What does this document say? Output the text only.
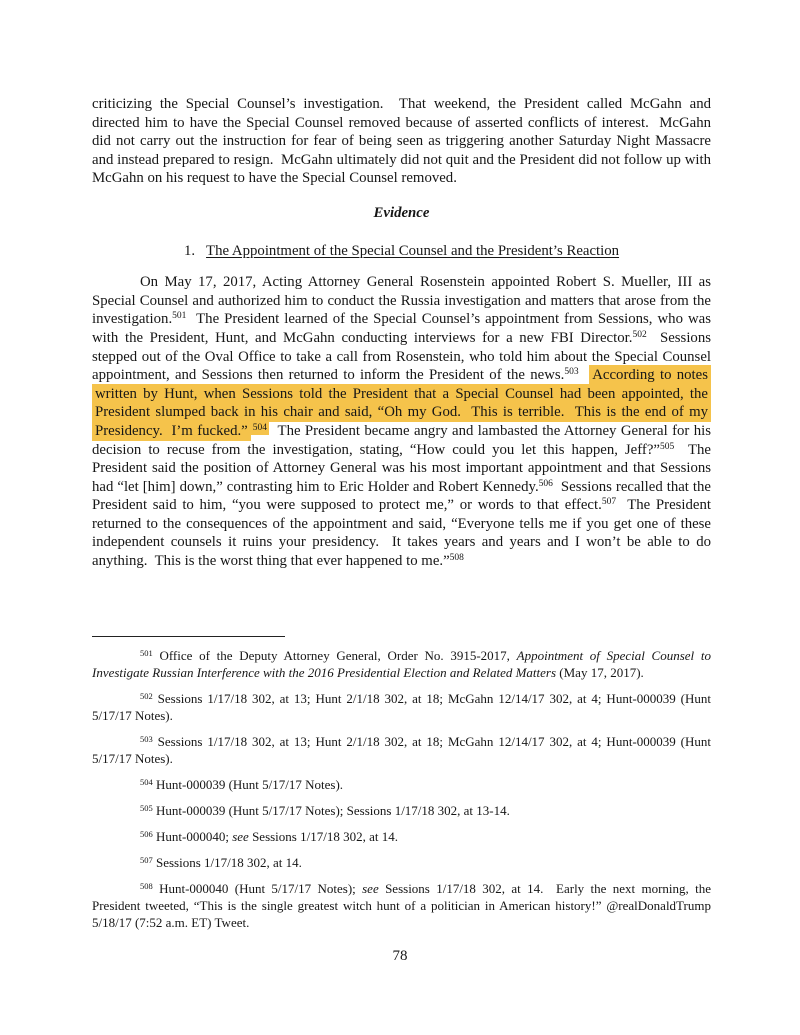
criticizing the Special Counsel’s investigation.  That weekend, the President called McGahn and directed him to have the Special Counsel removed because of asserted conflicts of interest.  McGahn did not carry out the instruction for fear of being seen as triggering another Saturday Night Massacre and instead prepared to resign.  McGahn ultimately did not quit and the President did not follow up with McGahn on his request to have the Special Counsel removed.

Evidence

1. The Appointment of the Special Counsel and the President’s Reaction

On May 17, 2017, Acting Attorney General Rosenstein appointed Robert S. Mueller, III as Special Counsel and authorized him to conduct the Russia investigation and matters that arose from the investigation.$^{501}$  The President learned of the Special Counsel’s appointment from Sessions, who was with the President, Hunt, and McGahn conducting interviews for a new FBI Director.$^{502}$  Sessions stepped out of the Oval Office to take a call from Rosenstein, who told him about the Special Counsel appointment, and Sessions then returned to inform the President of the news.$^{503}$ According to notes written by Hunt, when Sessions told the President that a Special Counsel had been appointed, the President slumped back in his chair and said, “Oh my God.  This is terrible.  This is the end of my Presidency.  I’m fucked.” $^{504}$  The President became angry and lambasted the Attorney General for his decision to recuse from the investigation, stating, “How could you let this happen, Jeff?”$^{505}$  The President said the position of Attorney General was his most important appointment and that Sessions had “let [him] down,” contrasting him to Eric Holder and Robert Kennedy.$^{506}$  Sessions recalled that the President said to him, “you were supposed to protect me,” or words to that effect.$^{507}$  The President returned to the consequences of the appointment and said, “Everyone tells me if you get one of these independent counsels it ruins your presidency.  It takes years and years and I won’t be able to do anything.  This is the worst thing that ever happened to me.”$^{508}$

$^{501}$ Office of the Deputy Attorney General, Order No. 3915-2017, Appointment of Special Counsel to Investigate Russian Interference with the 2016 Presidential Election and Related Matters (May 17, 2017).

$^{502}$ Sessions 1/17/18 302, at 13; Hunt 2/1/18 302, at 18; McGahn 12/14/17 302, at 4; Hunt-000039 (Hunt 5/17/17 Notes).

$^{503}$ Sessions 1/17/18 302, at 13; Hunt 2/1/18 302, at 18; McGahn 12/14/17 302, at 4; Hunt-000039 (Hunt 5/17/17 Notes).

$^{504}$ Hunt-000039 (Hunt 5/17/17 Notes).

$^{505}$ Hunt-000039 (Hunt 5/17/17 Notes); Sessions 1/17/18 302, at 13-14.

$^{506}$ Hunt-000040; see Sessions 1/17/18 302, at 14.

$^{507}$ Sessions 1/17/18 302, at 14.

$^{508}$ Hunt-000040 (Hunt 5/17/17 Notes); see Sessions 1/17/18 302, at 14.  Early the next morning, the President tweeted, “This is the single greatest witch hunt of a politician in American history!” @realDonaldTrump 5/18/17 (7:52 a.m. ET) Tweet.

78
